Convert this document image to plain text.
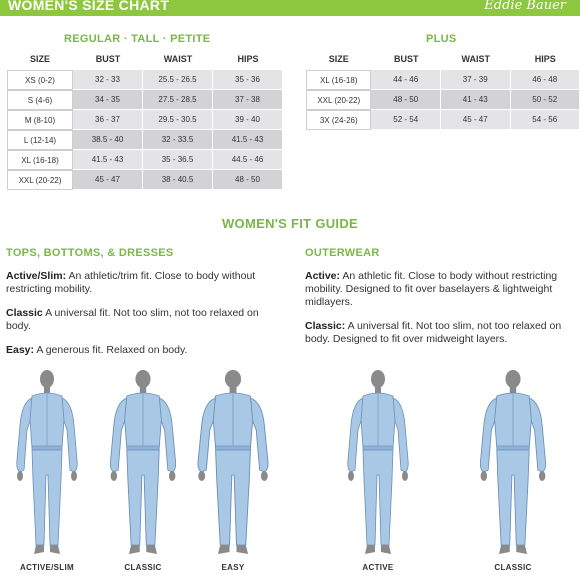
WOMEN'S SIZE CHART	Eddie Bauer
REGULAR · TALL · PETITE
SIZE	BUST	WAIST	HIPS
XS (0-2)	32 - 33	25.5 - 26.5	35 - 36
S (4-6)	34 - 35	27.5 - 28.5	37 - 38
M (8-10)	36 - 37	29.5 - 30.5	39 - 40
L (12-14)	38.5 - 40	32 - 33.5	41.5 - 43
XL (16-18)	41.5 - 43	35 - 36.5	44.5 - 46
XXL (20-22)	45 - 47	38 - 40.5	48 - 50
PLUS
SIZE	BUST	WAIST	HIPS
XL (16-18)	44 - 46	37 - 39	46 - 48
XXL (20-22)	48 - 50	41 - 43	50 - 52
3X (24-26)	52 - 54	45 - 47	54 - 56
WOMEN'S FIT GUIDE
TOPS, BOTTOMS, & DRESSES	OUTERWEAR
Active/Slim: An athletic/trim fit. Close to body without restricting mobility.
Classic A universal fit. Not too slim, not too relaxed on body.
Easy: A generous fit. Relaxed on body.
Active: An athletic fit. Close to body without restricting mobility. Designed to fit over baselayers & lightweight midlayers.
Classic: A universal fit. Not too slim, not too relaxed on body. Designed to fit over midweight layers.
ACTIVE/SLIM	CLASSIC	EASY	ACTIVE	CLASSIC
